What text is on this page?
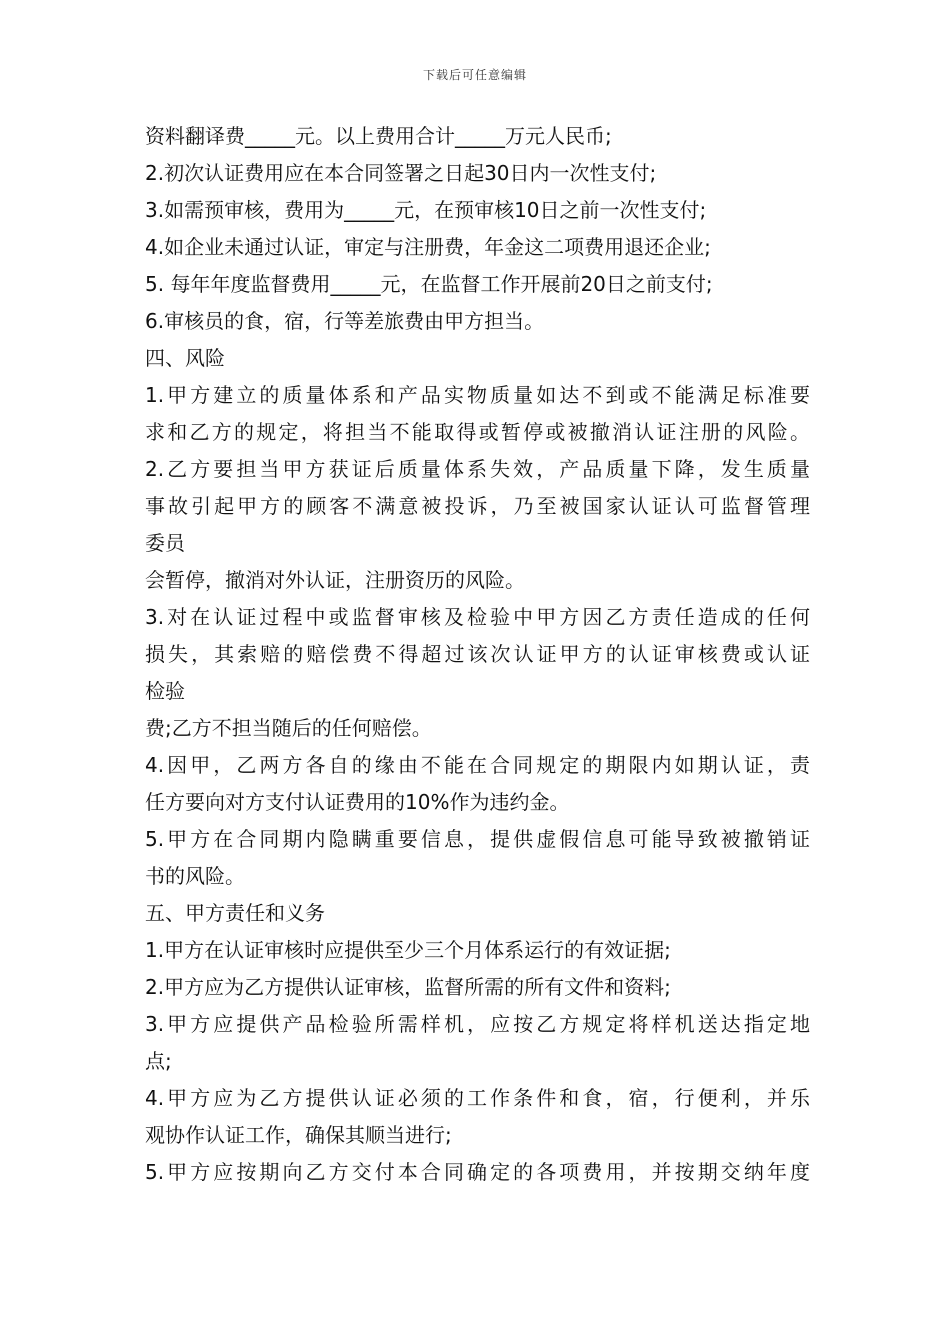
下载后可任意编辑
资料翻译费_____元。以上费用合计_____万元人民币;
2.初次认证费用应在本合同签署之日起30日内一次性支付;
3.如需预审核，费用为_____元，在预审核10日之前一次性支付;
4.如企业未通过认证，审定与注册费，年金这二项费用退还企业;
5. 每年年度监督费用_____元，在监督工作开展前20日之前支付;
6.审核员的食，宿，行等差旅费由甲方担当。
四、风险
1.甲方建立的质量体系和产品实物质量如达不到或不能满足标准要
求和乙方的规定，将担当不能取得或暂停或被撤消认证注册的风险。
2.乙方要担当甲方获证后质量体系失效，产品质量下降，发生质量
事故引起甲方的顾客不满意被投诉，乃至被国家认证认可监督管理
委员
会暂停，撤消对外认证，注册资历的风险。
3.对在认证过程中或监督审核及检验中甲方因乙方责任造成的任何
损失，其索赔的赔偿费不得超过该次认证甲方的认证审核费或认证
检验
费;乙方不担当随后的任何赔偿。
4.因甲，乙两方各自的缘由不能在合同规定的期限内如期认证，责
任方要向对方支付认证费用的10%作为违约金。
5.甲方在合同期内隐瞒重要信息，提供虚假信息可能导致被撤销证
书的风险。
五、甲方责任和义务
1.甲方在认证审核时应提供至少三个月体系运行的有效证据;
2.甲方应为乙方提供认证审核，监督所需的所有文件和资料;
3.甲方应提供产品检验所需样机，应按乙方规定将样机送达指定地
点;
4.甲方应为乙方提供认证必须的工作条件和食，宿，行便利，并乐
观协作认证工作，确保其顺当进行;
5.甲方应按期向乙方交付本合同确定的各项费用，并按期交纳年度
